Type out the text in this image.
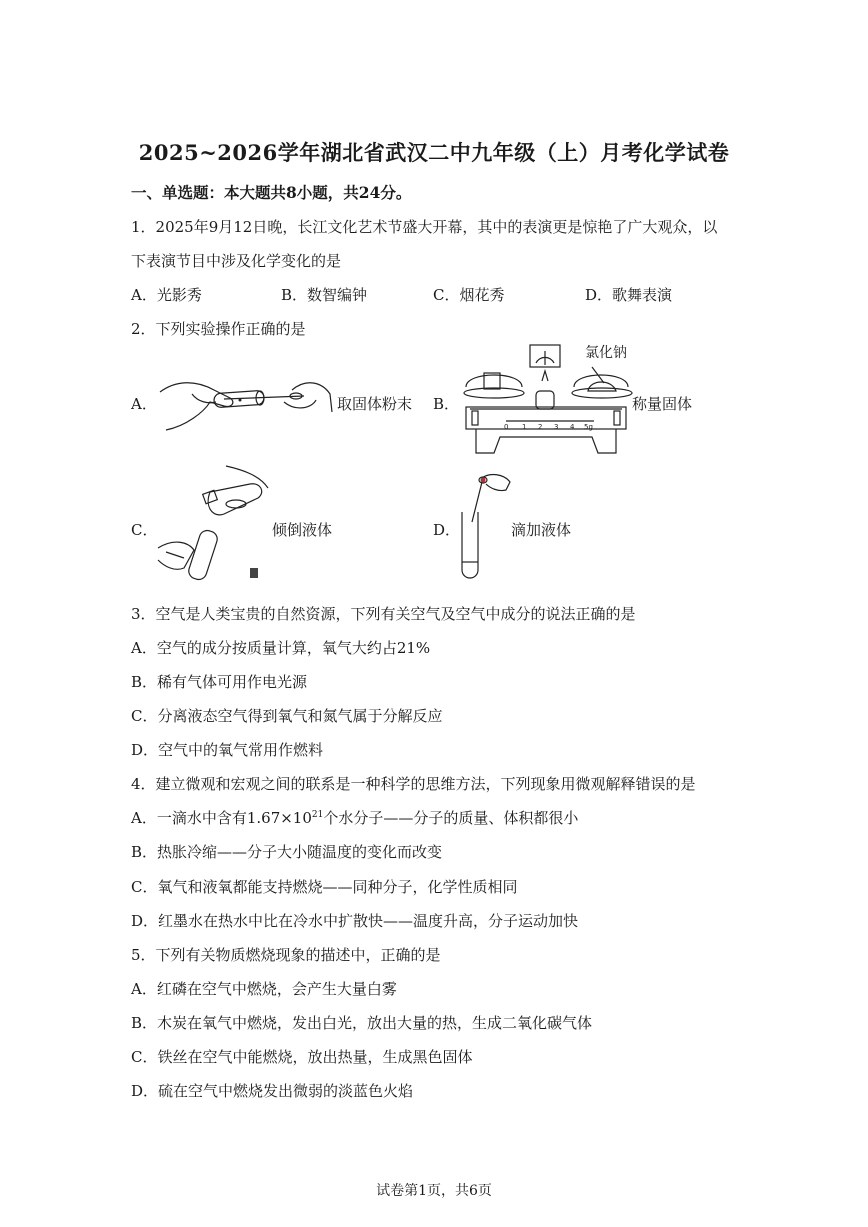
2025~2026学年湖北省武汉二中九年级（上）月考化学试卷
一、单选题：本大题共8小题，共24分。
1．2025年9月12日晚，长江文化艺术节盛大开幕，其中的表演更是惊艳了广大观众，以
下表演节目中涉及化学变化的是
A．光影秀	B．数智编钟	C．烟花秀	D．歌舞表演
2．下列实验操作正确的是
A．	取固体粉末 B．
0 1 2 3 4 5g
氯化钠
称量固体
C．	倾倒液体	D．	滴加液体
3．空气是人类宝贵的自然资源，下列有关空气及空气中成分的说法正确的是
A．空气的成分按质量计算，氧气大约占21%
B．稀有气体可用作电光源
C．分离液态空气得到氧气和氮气属于分解反应
D．空气中的氧气常用作燃料
4．建立微观和宏观之间的联系是一种科学的思维方法，下列现象用微观解释错误的是
A．一滴水中含有$1.67\times 10^{21}$个水分子——分子的质量、体积都很小
B．热胀冷缩——分子大小随温度的变化而改变
C．氧气和液氧都能支持燃烧——同种分子，化学性质相同
D．红墨水在热水中比在冷水中扩散快——温度升高，分子运动加快
5．下列有关物质燃烧现象的描述中，正确的是
A．红磷在空气中燃烧，会产生大量白雾
B．木炭在氧气中燃烧，发出白光，放出大量的热，生成二氧化碳气体
C．铁丝在空气中能燃烧，放出热量，生成黑色固体
D．硫在空气中燃烧发出微弱的淡蓝色火焰
试卷第1页，共6页
